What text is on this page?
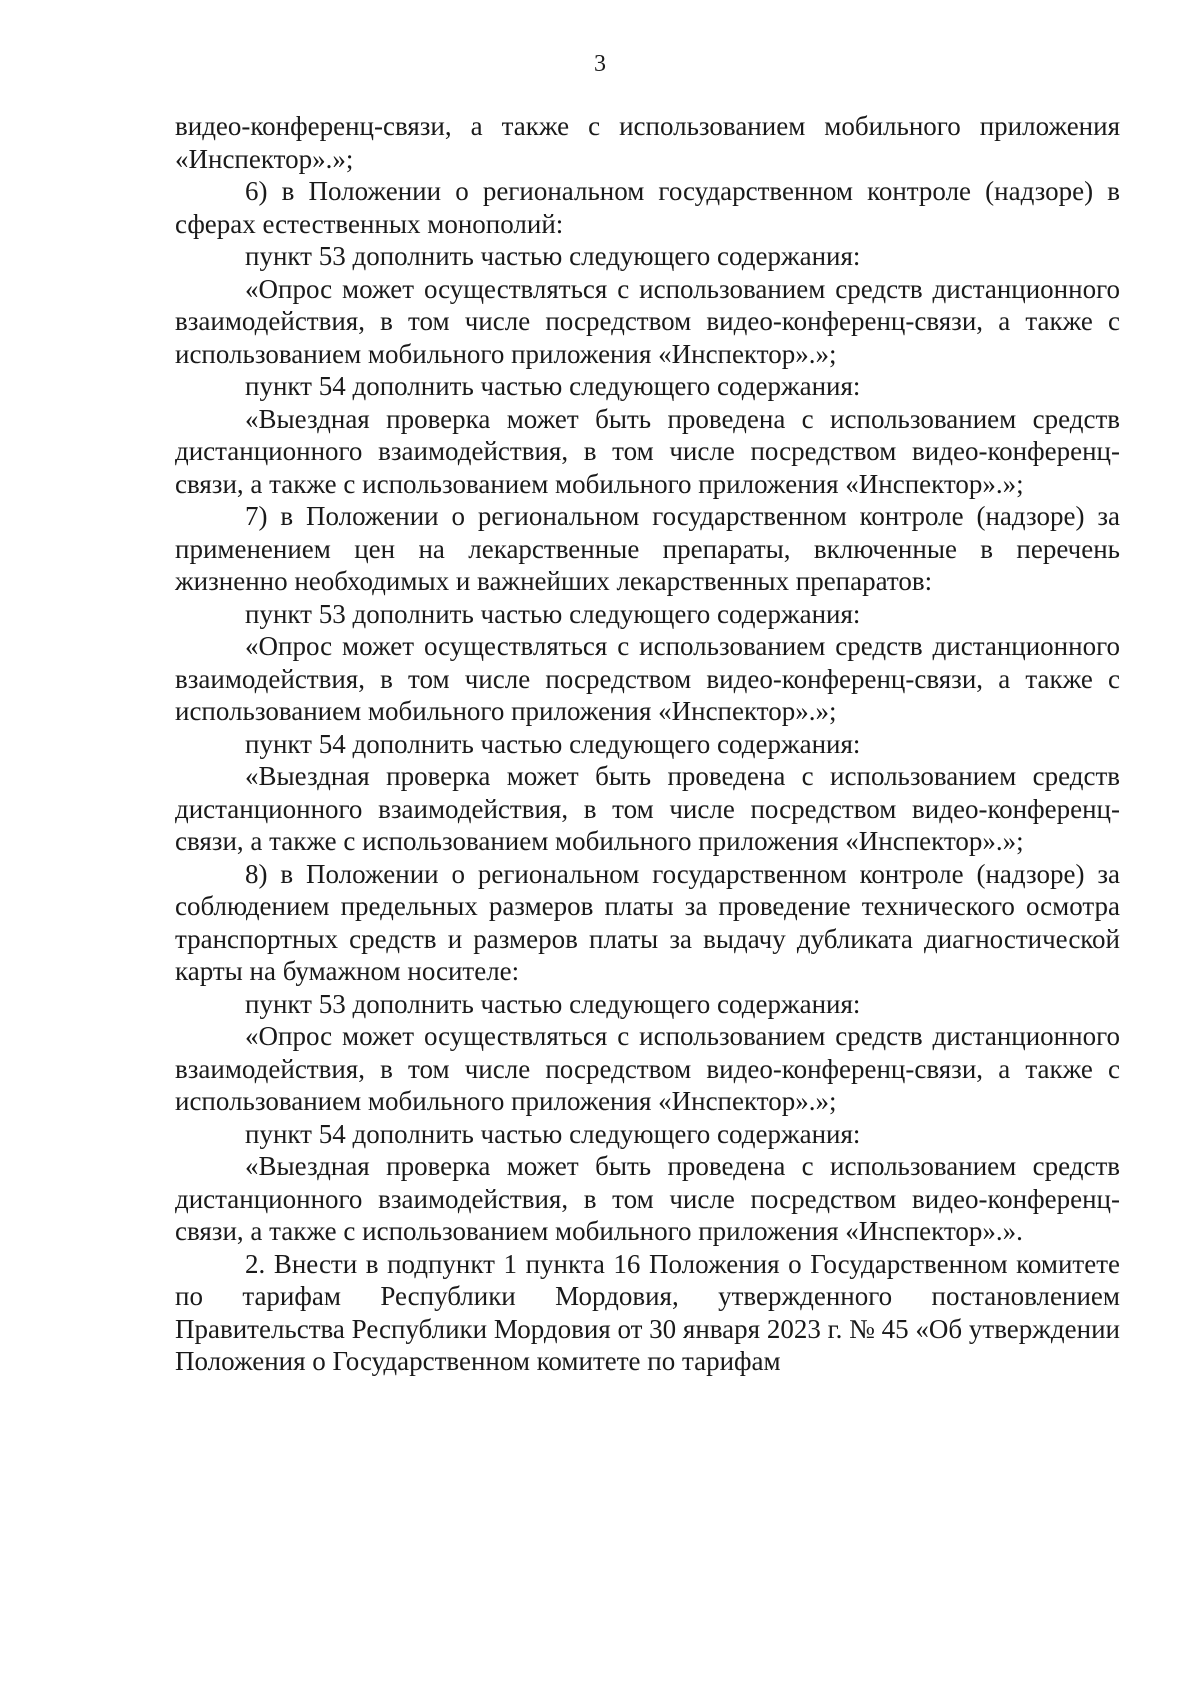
3

видео-конференц-связи, а также с использованием мобильного приложения «Инспектор».»;

6) в Положении о региональном государственном контроле (надзоре) в сферах естественных монополий:

пункт 53 дополнить частью следующего содержания:

«Опрос может осуществляться с использованием средств дистанционного взаимодействия, в том числе посредством видео-конференц-связи, а также с использованием мобильного приложения «Инспектор».»;

пункт 54 дополнить частью следующего содержания:

«Выездная проверка может быть проведена с использованием средств дистанционного взаимодействия, в том числе посредством видео-конференц-связи, а также с использованием мобильного приложения «Инспектор».»;

7) в Положении о региональном государственном контроле (надзоре) за применением цен на лекарственные препараты, включенные в перечень жизненно необходимых и важнейших лекарственных препаратов:

пункт 53 дополнить частью следующего содержания:

«Опрос может осуществляться с использованием средств дистанционного взаимодействия, в том числе посредством видео-конференц-связи, а также с использованием мобильного приложения «Инспектор».»;

пункт 54 дополнить частью следующего содержания:

«Выездная проверка может быть проведена с использованием средств дистанционного взаимодействия, в том числе посредством видео-конференц-связи, а также с использованием мобильного приложения «Инспектор».»;

8) в Положении о региональном государственном контроле (надзоре) за соблюдением предельных размеров платы за проведение технического осмотра транспортных средств и размеров платы за выдачу дубликата диагностической карты на бумажном носителе:

пункт 53 дополнить частью следующего содержания:

«Опрос может осуществляться с использованием средств дистанционного взаимодействия, в том числе посредством видео-конференц-связи, а также с использованием мобильного приложения «Инспектор».»;

пункт 54 дополнить частью следующего содержания:

«Выездная проверка может быть проведена с использованием средств дистанционного взаимодействия, в том числе посредством видео-конференц-связи, а также с использованием мобильного приложения «Инспектор».».

2. Внести в подпункт 1 пункта 16 Положения о Государственном комитете по тарифам Республики Мордовия, утвержденного постановлением Правительства Республики Мордовия от 30 января 2023 г. № 45 «Об утверждении Положения о Государственном комитете по тарифам
